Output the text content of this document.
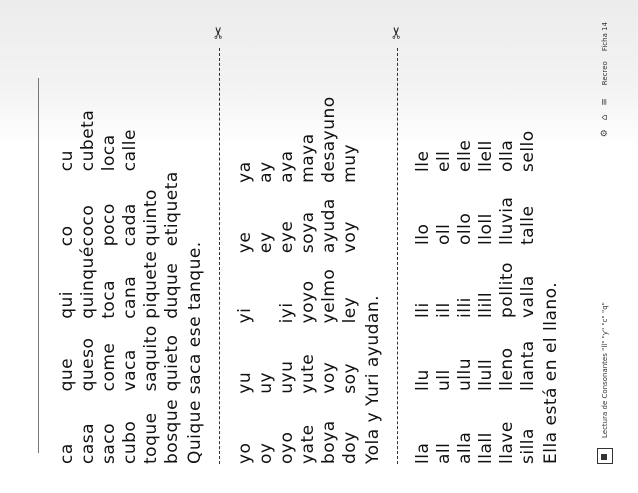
ca casa saco cubo toque bosque
que queso come vaca saquito quieto
qui quinqué toca cana piquete duque
co coco poco cada quinto etiqueta
cu cubeta loca calle
Quique saca ese tanque.
✂
yo oy oyo yate boya doy
yu uy uyu yute voy soy
yi
iyi yoyo yelmo ley
ye ey eye soya ayuda voy
ya ay aya maya desayuno muy
Yola y Yuri ayudan.
✂
lla all alla llall llave silla
llu ull ullu llull lleno llanta
lli ill illi llill pollito valla
llo oll ollo lloll lluvia talle
lle ell elle llell olla sello
Ella está en el llano.	Lectura de Consonantes "ll" "y" "c" "q"
⚙ ⌂ ≡
Recreo
Ficha 14
